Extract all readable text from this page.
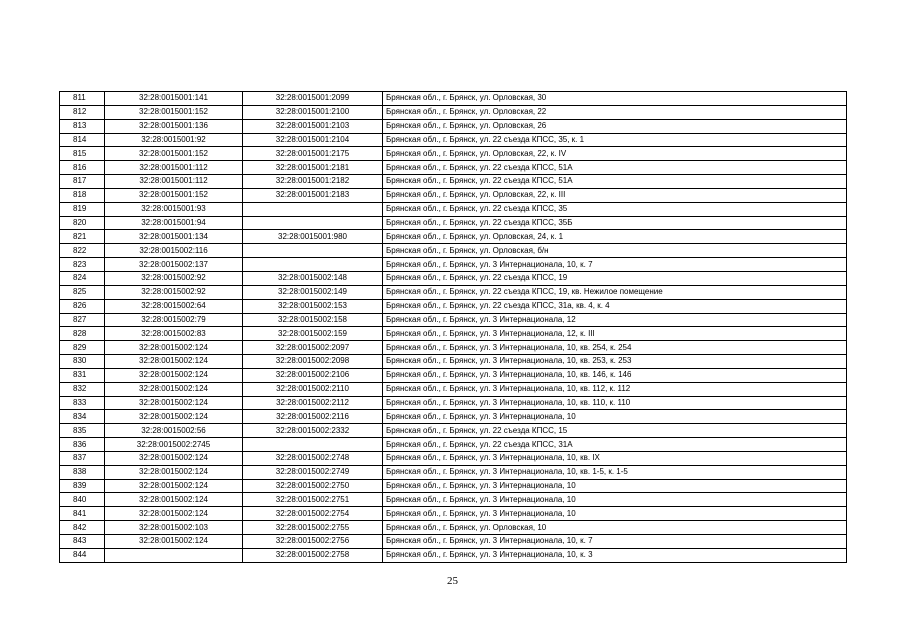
811	32:28:0015001:141	32:28:0015001:2099	Брянская обл., г. Брянск, ул. Орловская, 30
812	32:28:0015001:152	32:28:0015001:2100	Брянская обл., г. Брянск, ул. Орловская, 22
813	32:28:0015001:136	32:28:0015001:2103	Брянская обл., г. Брянск, ул. Орловская, 26
814	32:28:0015001:92	32:28:0015001:2104	Брянская обл., г. Брянск, ул. 22 съезда КПСС, 35, к. 1
815	32:28:0015001:152	32:28:0015001:2175	Брянская обл., г. Брянск, ул. Орловская, 22, к. IV
816	32:28:0015001:112	32:28:0015001:2181	Брянская обл., г. Брянск, ул. 22 съезда КПСС, 51А
817	32:28:0015001:112	32:28:0015001:2182	Брянская обл., г. Брянск, ул. 22 съезда КПСС, 51А
818	32:28:0015001:152	32:28:0015001:2183	Брянская обл., г. Брянск, ул. Орловская, 22, к. III
819	32:28:0015001:93		Брянская обл., г. Брянск, ул. 22 съезда КПСС, 35
820	32:28:0015001:94		Брянская обл., г. Брянск, ул. 22 съезда КПСС, 35Б
821	32:28:0015001:134	32:28:0015001:980	Брянская обл., г. Брянск, ул. Орловская, 24, к. 1
822	32:28:0015002:116		Брянская обл., г. Брянск, ул. Орловская, б/н
823	32:28:0015002:137		Брянская обл., г. Брянск, ул. 3 Интернационала, 10, к. 7
824	32:28:0015002:92	32:28:0015002:148	Брянская обл., г. Брянск, ул. 22 съезда КПСС, 19
825	32:28:0015002:92	32:28:0015002:149	Брянская обл., г. Брянск, ул. 22 съезда КПСС, 19, кв. Нежилое помещение
826	32:28:0015002:64	32:28:0015002:153	Брянская обл., г. Брянск, ул. 22 съезда КПСС, 31а, кв. 4, к. 4
827	32:28:0015002:79	32:28:0015002:158	Брянская обл., г. Брянск, ул. 3 Интернационала, 12
828	32:28:0015002:83	32:28:0015002:159	Брянская обл., г. Брянск, ул. 3 Интернационала, 12, к. III
829	32:28:0015002:124	32:28:0015002:2097	Брянская обл., г. Брянск, ул. 3 Интернационала, 10, кв. 254, к. 254
830	32:28:0015002:124	32:28:0015002:2098	Брянская обл., г. Брянск, ул. 3 Интернационала, 10, кв. 253, к. 253
831	32:28:0015002:124	32:28:0015002:2106	Брянская обл., г. Брянск, ул. 3 Интернационала, 10, кв. 146, к. 146
832	32:28:0015002:124	32:28:0015002:2110	Брянская обл., г. Брянск, ул. 3 Интернационала, 10, кв. 112, к. 112
833	32:28:0015002:124	32:28:0015002:2112	Брянская обл., г. Брянск, ул. 3 Интернационала, 10, кв. 110, к. 110
834	32:28:0015002:124	32:28:0015002:2116	Брянская обл., г. Брянск, ул. 3 Интернационала, 10
835	32:28:0015002:56	32:28:0015002:2332	Брянская обл., г. Брянск, ул. 22 съезда КПСС, 15
836	32:28:0015002:2745		Брянская обл., г. Брянск, ул. 22 съезда КПСС, 31А
837	32:28:0015002:124	32:28:0015002:2748	Брянская обл., г. Брянск, ул. 3 Интернационала, 10, кв. IX
838	32:28:0015002:124	32:28:0015002:2749	Брянская обл., г. Брянск, ул. 3 Интернационала, 10, кв. 1-5, к. 1-5
839	32:28:0015002:124	32:28:0015002:2750	Брянская обл., г. Брянск, ул. 3 Интернационала, 10
840	32:28:0015002:124	32:28:0015002:2751	Брянская обл., г. Брянск, ул. 3 Интернационала, 10
841	32:28:0015002:124	32:28:0015002:2754	Брянская обл., г. Брянск, ул. 3 Интернационала, 10
842	32:28:0015002:103	32:28:0015002:2755	Брянская обл., г. Брянск, ул. Орловская, 10
843	32:28:0015002:124	32:28:0015002:2756	Брянская обл., г. Брянск, ул. 3 Интернационала, 10, к. 7
844		32:28:0015002:2758	Брянская обл., г. Брянск, ул. 3 Интернационала, 10, к. 3
25
